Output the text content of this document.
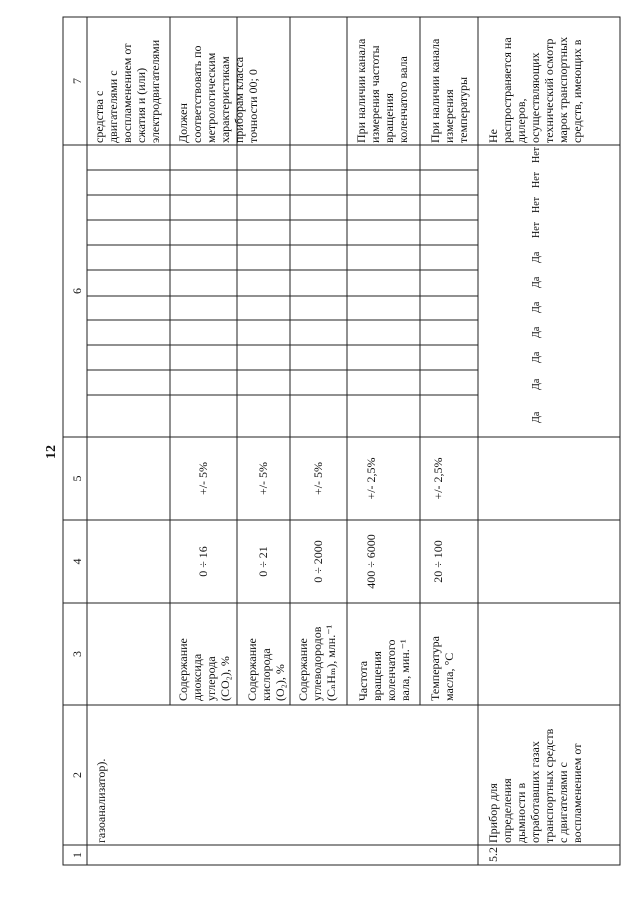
12
1
2
3
4
5
6
7
газоанализатор).
средства с двигателями с воспламенением от сжатия и (или) электродвигателями
Содержание диоксида углерода (CO₂), %
0 ÷ 16
+/- 5%
Должен соответствовать по метрологическим характеристикам приборам класса точности 00; 0
Содержание кислорода (O₂), %
0 ÷ 21
+/- 5%
Содержание углеводородов (CₙHₘ), млн.⁻¹
0 ÷ 2000
+/- 5%
Частота вращения коленчатого вала, мин.⁻¹
400 ÷ 6000
+/- 2,5%
При наличии канала измерения частоты вращения коленчатого вала
Температура масла, °С
20 ÷ 100
+/- 2,5%
При наличии канала измерения температуры
5.2
Прибор для определения дымности в отработавших газах транспортных средств с двигателями с воспламенением от
Да
Да
Да
Да
Да
Да
Да
Нет
Нет
Нет
Нет
Не распространяется на дилеров, осуществляющих технический осмотр марок транспортных средств, имеющих в
